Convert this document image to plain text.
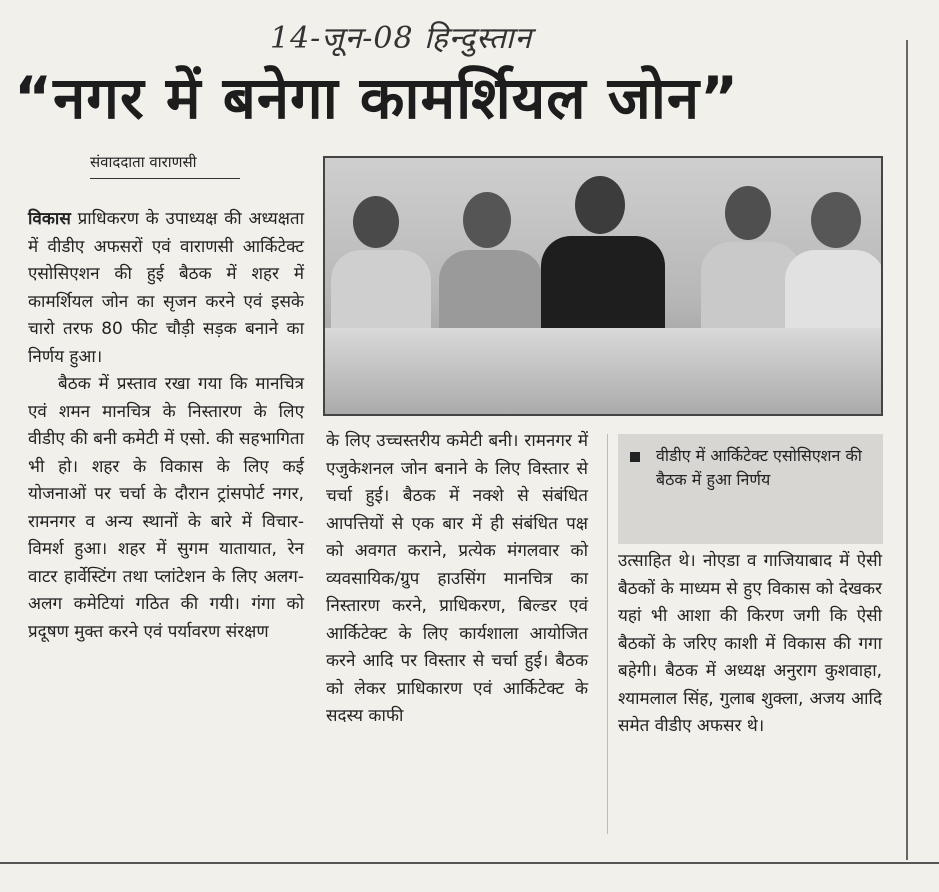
14-जून-08 हिन्दुस्तान
“नगर में बनेगा कामर्शियल जोन”
संवाददाता वाराणसी

विकास प्राधिकरण के उपाध्यक्ष की अध्यक्षता में वीडीए अफसरों एवं वाराणसी आर्किटेक्ट एसोसिएशन की हुई बैठक में शहर में कामर्शियल जोन का सृजन करने एवं इसके चारो तरफ 80 फीट चौड़ी सड़क बनाने का निर्णय हुआ।

बैठक में प्रस्ताव रखा गया कि मानचित्र एवं शमन मानचित्र के निस्तारण के लिए वीडीए की बनी कमेटी में एसो. की सहभागिता भी हो। शहर के विकास के लिए कई योजनाओं पर चर्चा के दौरान ट्रांसपोर्ट नगर, रामनगर व अन्य स्थानों के बारे में विचार-विमर्श हुआ। शहर में सुगम यातायात, रेन वाटर हार्वेस्टिंग तथा प्लांटेशन के लिए अलग-अलग कमेटियां गठित की गयी। गंगा को प्रदूषण मुक्त करने एवं पर्यावरण संरक्षण

के लिए उच्चस्तरीय कमेटी बनी। रामनगर में एजुकेशनल जोन बनाने के लिए विस्तार से चर्चा हुई। बैठक में नक्शे से संबंधित आपत्तियों से एक बार में ही संबंधित पक्ष को अवगत कराने, प्रत्येक मंगलवार को व्यवसायिक/ग्रुप हाउसिंग मानचित्र का निस्तारण करने, प्राधिकरण, बिल्डर एवं आर्किटेक्ट के लिए कार्यशाला आयोजित करने आदि पर विस्तार से चर्चा हुई। बैठक को लेकर प्राधिकारण एवं आर्किटेक्ट के सदस्य काफी

वीडीए में आर्किटेक्ट एसोसिएशन की बैठक में हुआ निर्णय

उत्साहित थे। नोएडा व गाजियाबाद में ऐसी बैठकों के माध्यम से हुए विकास को देखकर यहां भी आशा की किरण जगी कि ऐसी बैठकों के जरिए काशी में विकास की गगा बहेगी। बैठक में अध्यक्ष अनुराग कुशवाहा, श्यामलाल सिंह, गुलाब शुक्ला, अजय आदि समेत वीडीए अफसर थे।
